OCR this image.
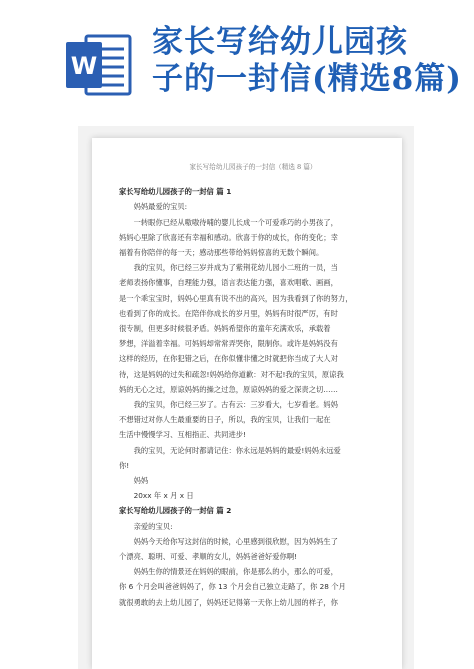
W
家长写给幼儿园孩
子的一封信(精选8篇)
家长写给幼儿园孩子的一封信（精选 8 篇）
家长写给幼儿园孩子的一封信 篇 1
妈妈最爱的宝贝:
一转眼你已经从嗷嗷待哺的婴儿长成一个可爱乖巧的小男孩了，
妈妈心里除了欣喜还有幸福和感动。欣喜于你的成长，你的变化；幸
福着有你陪伴的每一天；感动那些带给妈妈惊喜的无数个瞬间。
我的宝贝，你已经三岁并成为了紫荆花幼儿园小二班的一员，当
老师表扬你懂事，自理能力强，语言表达能力强，喜欢唱歌、画画，
是一个乖宝宝时，妈妈心里真有说不出的高兴，因为我看到了你的努力，
也看到了你的成长。在陪伴你成长的岁月里，妈妈有时很严厉，有时
很专制，但更多时候很矛盾。妈妈希望你的童年充满欢乐，承载着
梦想，洋溢着幸福。可妈妈却常常弄哭你，限制你。或许是妈妈没有
这样的经历，在你犯错之后，在你似懂非懂之时就把你当成了大人对
待，这是妈妈的过失和疏忽!妈妈给你道歉：对不起!我的宝贝，原谅我
妈的无心之过，原谅妈妈的操之过急，原谅妈妈的爱之深责之切……
我的宝贝，你已经三岁了。古有云：三岁看大，七岁看老。妈妈
不想错过对你人生最重要的日子，所以，我的宝贝，让我们一起在
生活中慢慢学习、互相指正、共同进步!
我的宝贝，无论何时都请记住：你永远是妈妈的最爱!妈妈永远爱
你!
妈妈
20xx 年 x 月 x 日
家长写给幼儿园孩子的一封信 篇 2
亲爱的宝贝:
妈妈今天给你写这封信的时候，心里感到很欣慰，因为妈妈生了
个漂亮、聪明、可爱、孝顺的女儿，妈妈爸爸好爱你啊!
妈妈生你的情景还在妈妈的眼前，你是那么的小，那么的可爱，
你 6 个月会叫爸爸妈妈了，你 13 个月会自己独立走路了，你 28 个月
就很勇敢的去上幼儿园了，妈妈还记得第一天你上幼儿园的样子，你
